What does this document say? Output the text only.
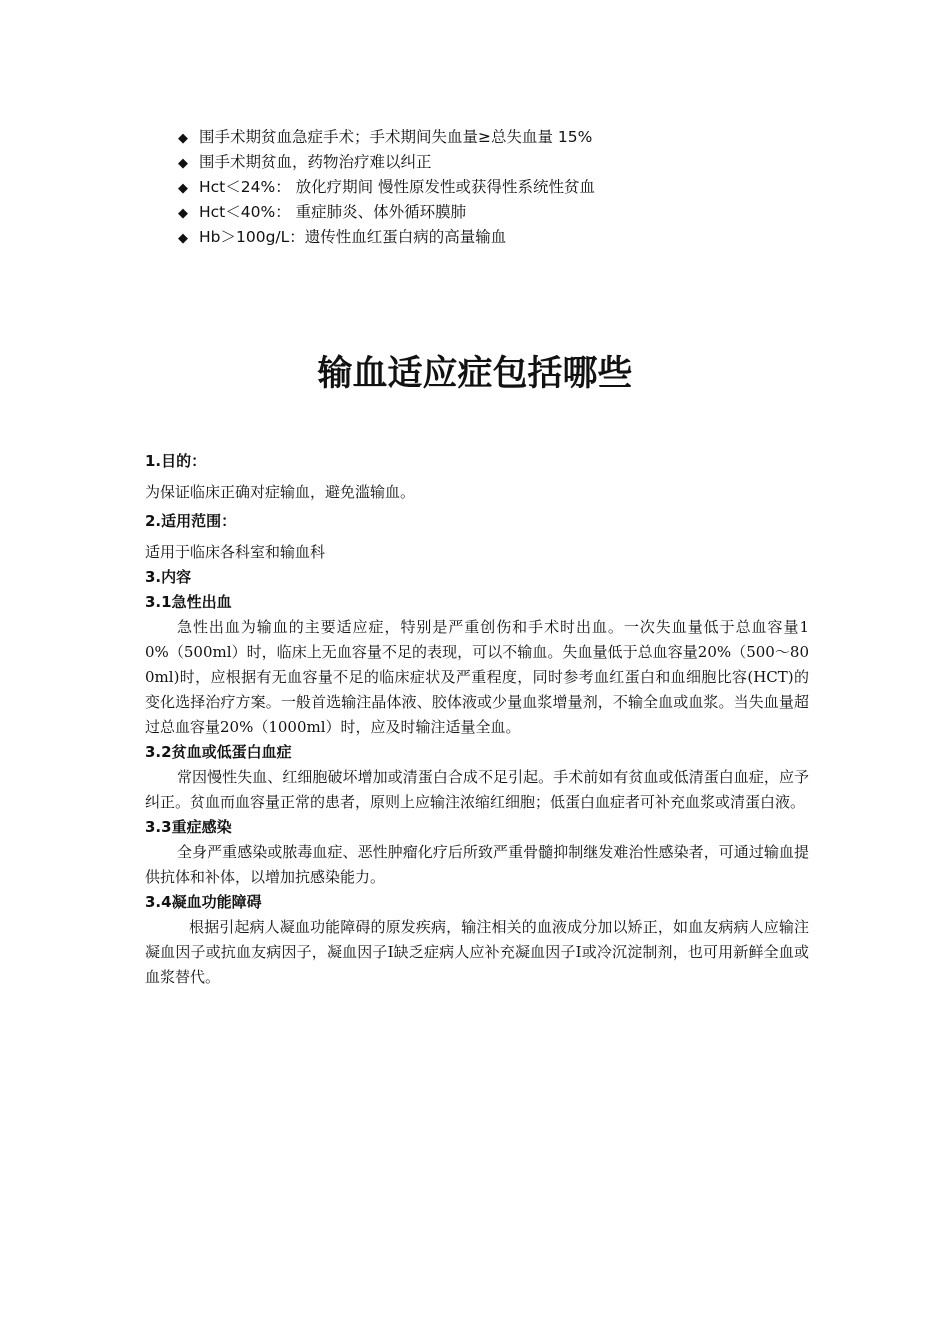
◆ 围手术期贫血急症手术；手术期间失血量≥总失血量 15%
◆ 围手术期贫血，药物治疗难以纠正
◆ Hct＜24%： 放化疗期间 慢性原发性或获得性系统性贫血
◆ Hct＜40%： 重症肺炎、体外循环膜肺
◆ Hb＞100g/L：遗传性血红蛋白病的高量输血
输血适应症包括哪些
1.目的：
为保证临床正确对症输血，避免滥输血。
2.适用范围：
适用于临床各科室和输血科
3.内容
3.1急性出血
急性出血为输血的主要适应症，特别是严重创伤和手术时出血。一次失血量低于总血容量10%（500ml）时，临床上无血容量不足的表现，可以不输血。失血量低于总血容量20%（500～800ml)时，应根据有无血容量不足的临床症状及严重程度，同时参考血红蛋白和血细胞比容(HCT)的变化选择治疗方案。一般首选输注晶体液、胶体液或少量血浆增量剂，不输全血或血浆。当失血量超过总血容量20%（1000ml）时，应及时输注适量全血。
3.2贫血或低蛋白血症
常因慢性失血、红细胞破坏增加或清蛋白合成不足引起。手术前如有贫血或低清蛋白血症，应予纠正。贫血而血容量正常的患者，原则上应输注浓缩红细胞；低蛋白血症者可补充血浆或清蛋白液。
3.3重症感染
全身严重感染或脓毒血症、恶性肿瘤化疗后所致严重骨髓抑制继发难治性感染者，可通过输血提供抗体和补体，以增加抗感染能力。
3.4凝血功能障碍
根据引起病人凝血功能障碍的原发疾病，输注相关的血液成分加以矫正，如血友病病人应输注凝血因子或抗血友病因子，凝血因子Ⅰ缺乏症病人应补充凝血因子Ⅰ或冷沉淀制剂，也可用新鲜全血或血浆替代。
